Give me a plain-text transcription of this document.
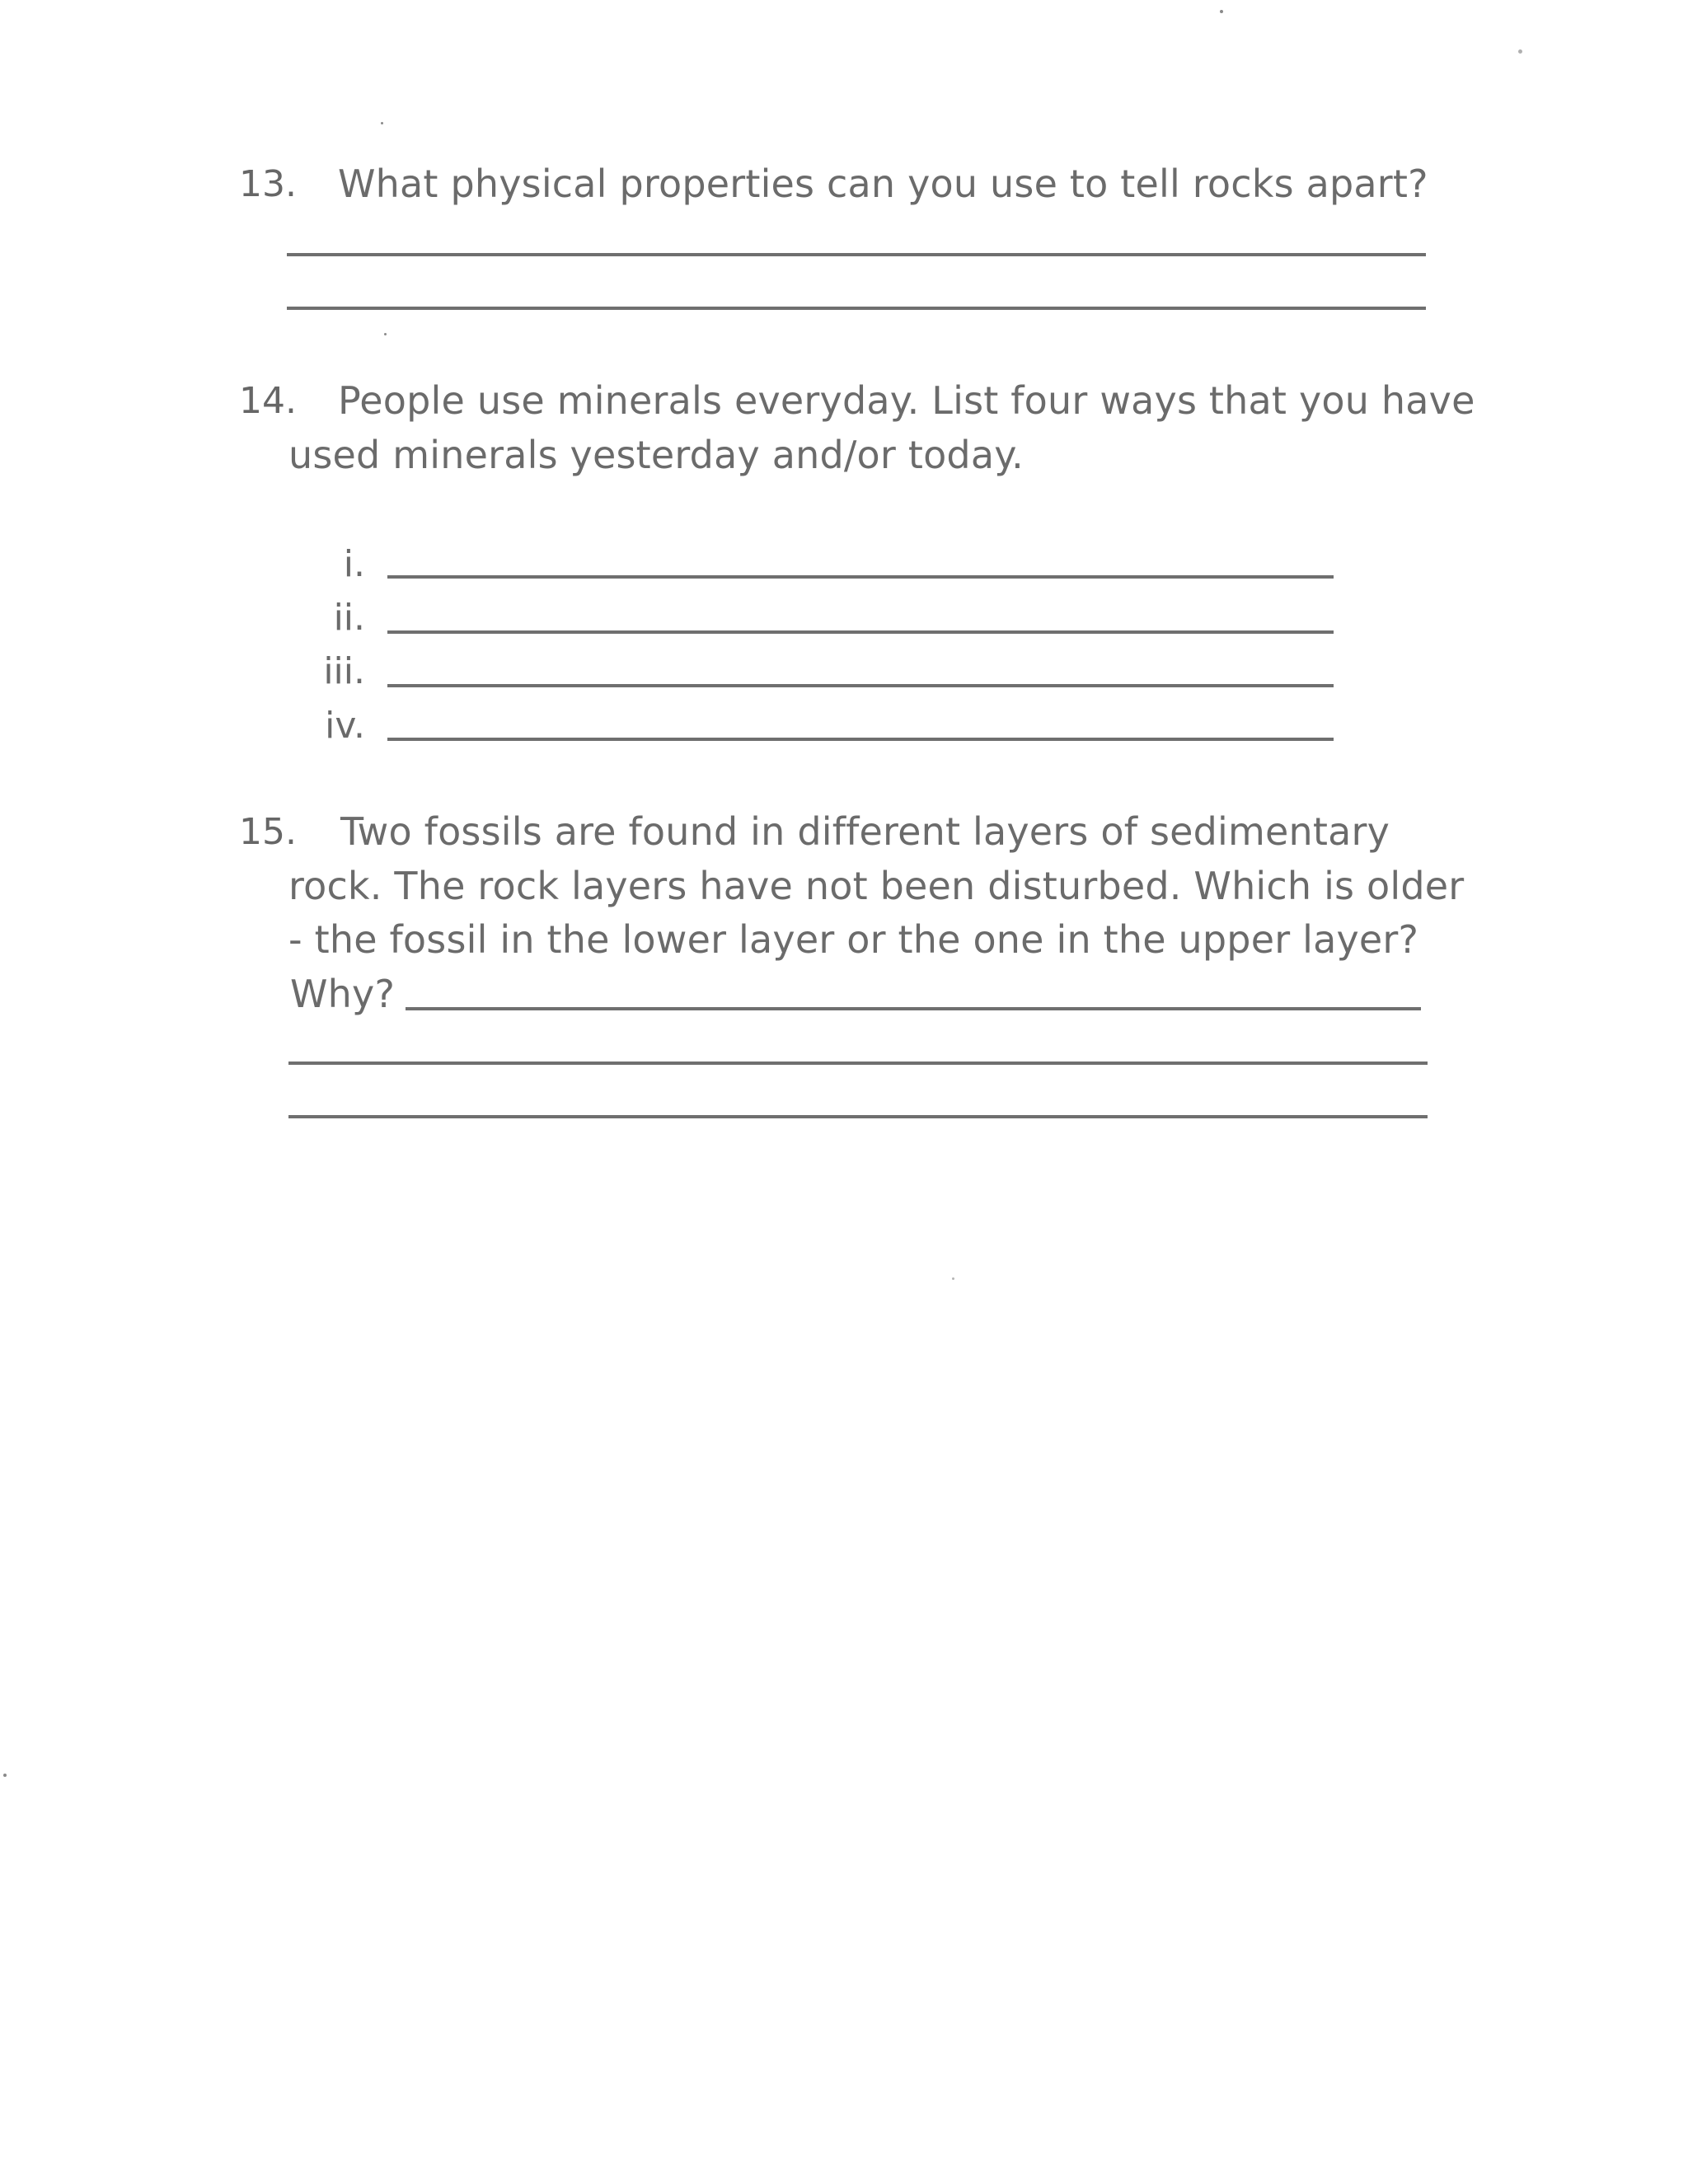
13. What physical properties can you use to tell rocks apart?
14. People use minerals everyday. List four ways that you have
used minerals yesterday and/or today.
i.
ii.
iii.
iv.
15. Two fossils are found in different layers of sedimentary
rock. The rock layers have not been disturbed. Which is older
- the fossil in the lower layer or the one in the upper layer?
Why?
